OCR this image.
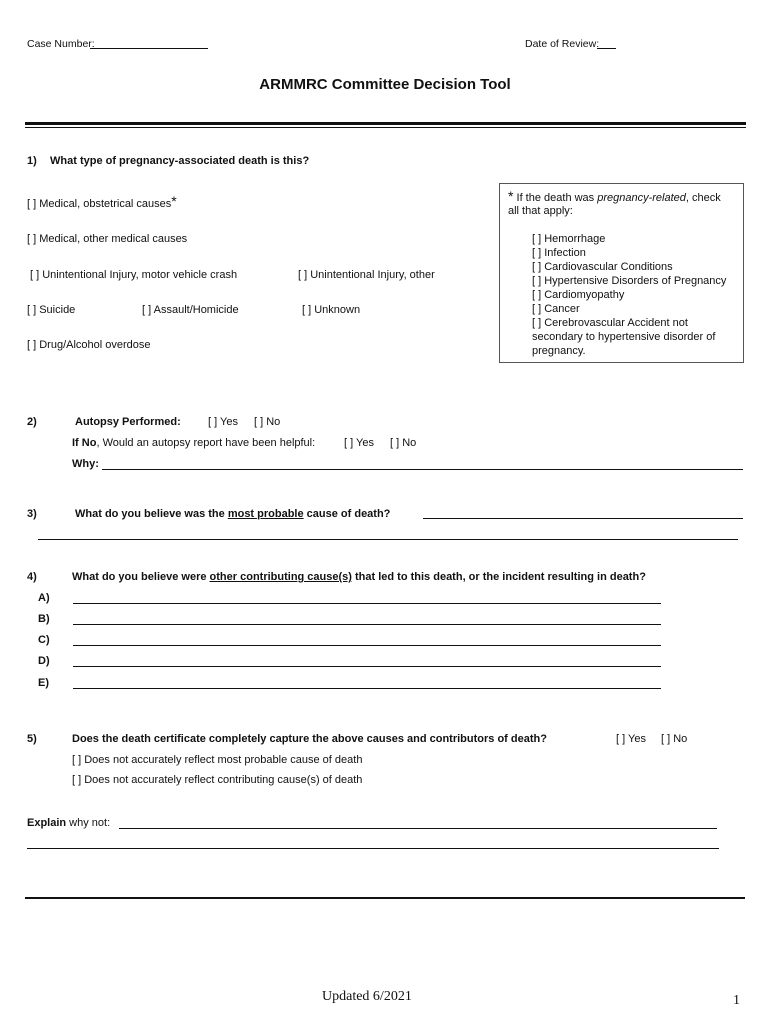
Case Number:	Date of Review:
ARMMRC Committee Decision Tool
1) What type of pregnancy-associated death is this?
[ ] Medical, obstetrical causes*
[ ] Medical, other medical causes
[ ] Unintentional Injury, motor vehicle crash	[ ] Unintentional Injury, other
[ ] Suicide	[ ] Assault/Homicide	[ ] Unknown
[ ] Drug/Alcohol overdose
* If the death was pregnancy-related, check
all that apply:
[ ] Hemorrhage
[ ] Infection
[ ] Cardiovascular Conditions
[ ] Hypertensive Disorders of Pregnancy
[ ] Cardiomyopathy
[ ] Cancer
[ ] Cerebrovascular Accident not
secondary to hypertensive disorder of
pregnancy.
2)	Autopsy Performed: [ ] Yes [ ] No
If No, Would an autopsy report have been helpful:	[ ] Yes [ ] No
Why:
3)	What do you believe was the most probable cause of death?
4)	What do you believe were other contributing cause(s) that led to this death, or the incident resulting in death?
A)
B)
C)
D)
E)
5)	Does the death certificate completely capture the above causes and contributors of death?	[ ] Yes [ ] No
[ ] Does not accurately reflect most probable cause of death
[ ] Does not accurately reflect contributing cause(s) of death
Explain why not:
Updated 6/2021	1
